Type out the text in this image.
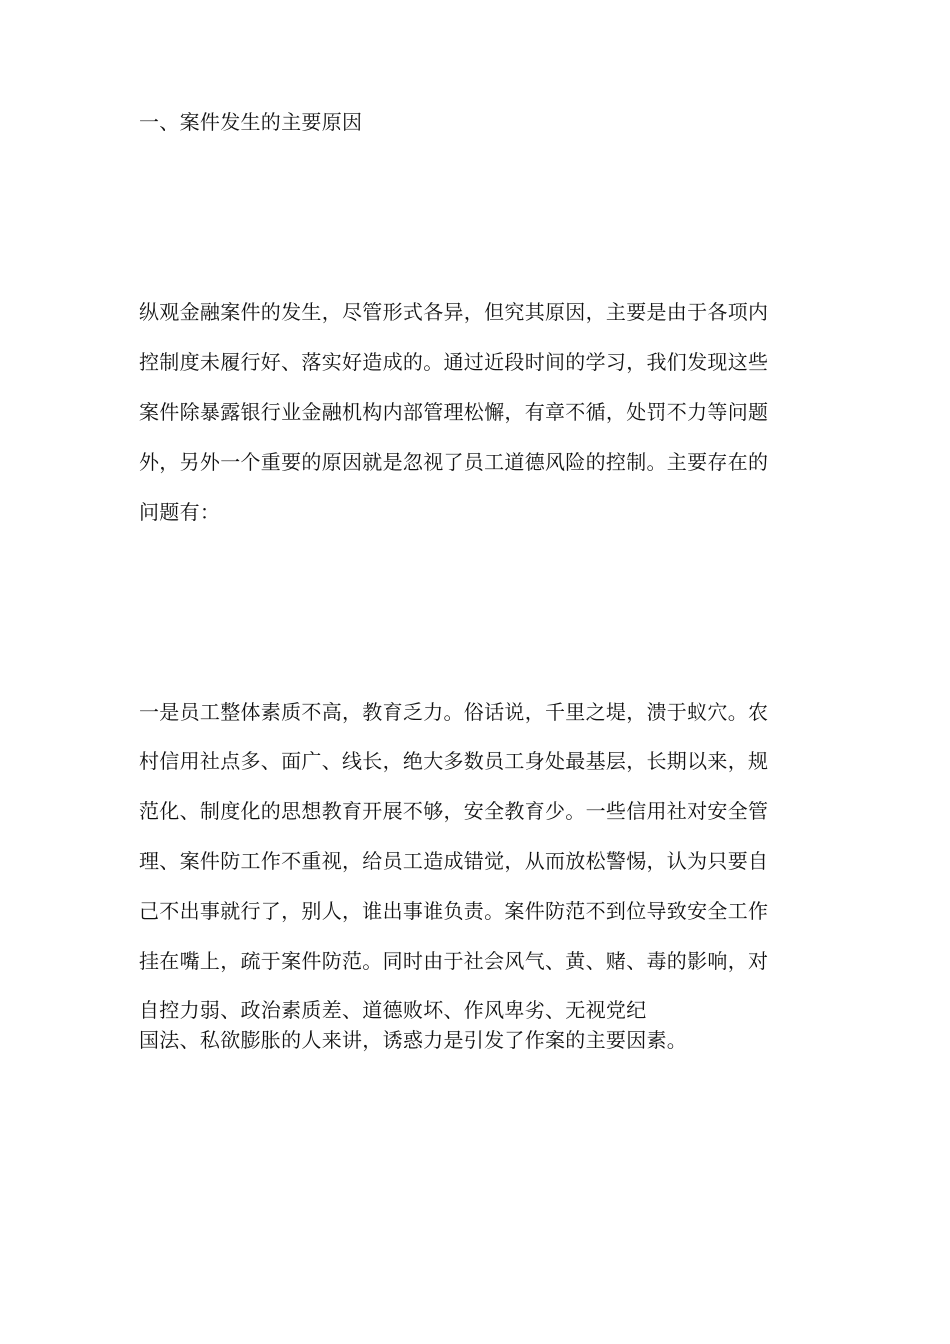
一、案件发生的主要原因
纵观金融案件的发生，尽管形式各异，但究其原因，主要是由于各项内
控制度未履行好、落实好造成的。通过近段时间的学习，我们发现这些
案件除暴露银行业金融机构内部管理松懈，有章不循，处罚不力等问题
外，另外一个重要的原因就是忽视了员工道德风险的控制。主要存在的
问题有：
一是员工整体素质不高，教育乏力。俗话说，千里之堤，溃于蚁穴。农
村信用社点多、面广、线长，绝大多数员工身处最基层，长期以来，规
范化、制度化的思想教育开展不够，安全教育少。一些信用社对安全管
理、案件防工作不重视，给员工造成错觉，从而放松警惕，认为只要自
己不出事就行了，别人，谁出事谁负责。案件防范不到位导致安全工作
挂在嘴上，疏于案件防范。同时由于社会风气、黄、赌、毒的影响，对
自控力弱、政治素质差、道德败坏、作风卑劣、无视党纪
国法、私欲膨胀的人来讲，诱惑力是引发了作案的主要因素。
